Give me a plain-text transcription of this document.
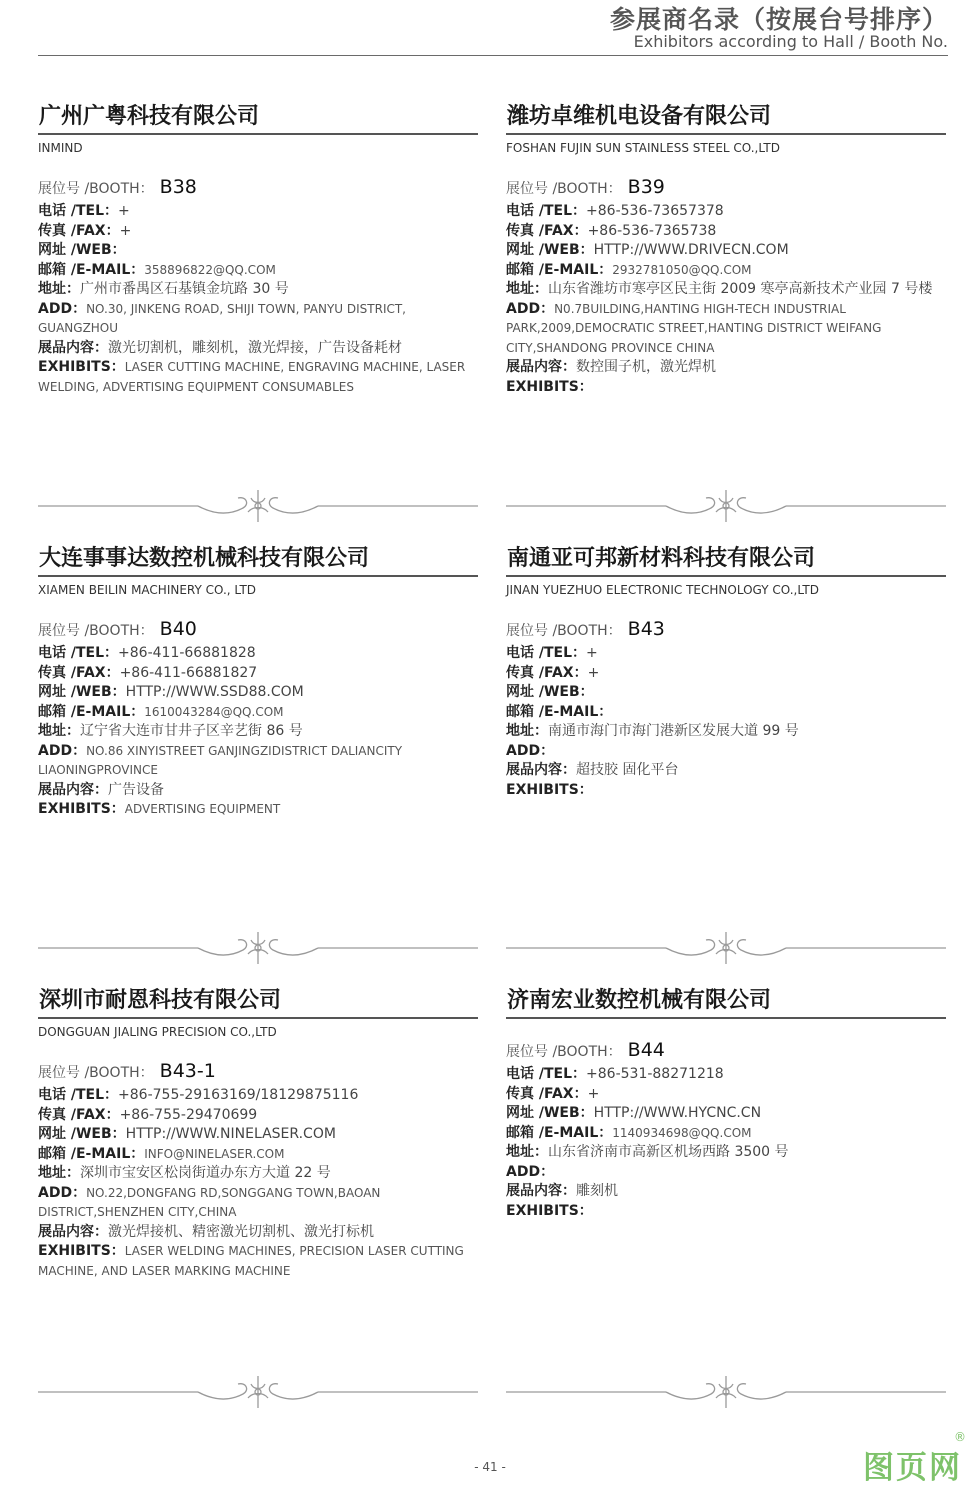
参展商名录（按展台号排序）
Exhibitors according to Hall / Booth No.
广州广粤科技有限公司
INMIND
展位号 /BOOTH： B38
电话 /TEL：+
传真 /FAX：+
网址 /WEB：
邮箱 /E-MAIL：358896822@QQ.COM
地址：广州市番禺区石基镇金坑路 30 号
ADD：NO.30, JINKENG ROAD, SHIJI TOWN, PANYU DISTRICT, GUANGZHOU
展品内容：激光切割机，雕刻机，激光焊接，广告设备耗材
EXHIBITS：LASER CUTTING MACHINE, ENGRAVING MACHINE, LASER WELDING, ADVERTISING EQUIPMENT CONSUMABLES
潍坊卓维机电设备有限公司
FOSHAN FUJIN SUN STAINLESS STEEL CO.,LTD
展位号 /BOOTH： B39
电话 /TEL：+86-536-73657378
传真 /FAX：+86-536-7365738
网址 /WEB：HTTP://WWW.DRIVECN.COM
邮箱 /E-MAIL：2932781050@QQ.COM
地址：山东省潍坊市寒亭区民主街 2009 寒亭高新技术产业园 7 号楼
ADD：N0.7BUILDING,HANTING HIGH-TECH INDUSTRIAL PARK,2009,DEMOCRATIC STREET,HANTING DISTRICT WEIFANG CITY,SHANDONG PROVINCE CHINA
展品内容：数控围子机，激光焊机
EXHIBITS：
大连事事达数控机械科技有限公司
XIAMEN BEILIN MACHINERY CO., LTD
展位号 /BOOTH： B40
电话 /TEL：+86-411-66881828
传真 /FAX：+86-411-66881827
网址 /WEB：HTTP://WWW.SSD88.COM
邮箱 /E-MAIL：1610043284@QQ.COM
地址：辽宁省大连市甘井子区辛艺街 86 号
ADD：NO.86 XINYISTREET GANJINGZIDISTRICT DALIANCITY LIAONINGPROVINCE
展品内容：广告设备
EXHIBITS：ADVERTISING EQUIPMENT
南通亚可邦新材料科技有限公司
JINAN YUEZHUO ELECTRONIC TECHNOLOGY CO.,LTD
展位号 /BOOTH： B43
电话 /TEL：+
传真 /FAX：+
网址 /WEB：
邮箱 /E-MAIL：
地址：南通市海门市海门港新区发展大道 99 号
ADD：
展品内容：超技胶 固化平台
EXHIBITS：
深圳市耐恩科技有限公司
DONGGUAN JIALING PRECISION CO.,LTD
展位号 /BOOTH： B43-1
电话 /TEL：+86-755-29163169/18129875116
传真 /FAX：+86-755-29470699
网址 /WEB：HTTP://WWW.NINELASER.COM
邮箱 /E-MAIL：INFO@NINELASER.COM
地址：深圳市宝安区松岗街道办东方大道 22 号
ADD：NO.22,DONGFANG RD,SONGGANG TOWN,BAOAN DISTRICT,SHENZHEN CITY,CHINA
展品内容：激光焊接机、精密激光切割机、激光打标机
EXHIBITS：LASER WELDING MACHINES, PRECISION LASER CUTTING MACHINE, AND LASER MARKING MACHINE
济南宏业数控机械有限公司
展位号 /BOOTH： B44
电话 /TEL：+86-531-88271218
传真 /FAX：+
网址 /WEB：HTTP://WWW.HYCNC.CN
邮箱 /E-MAIL：1140934698@QQ.COM
地址：山东省济南市高新区机场西路 3500 号
ADD：
展品内容：雕刻机
EXHIBITS：
- 41 -	图页网
®
